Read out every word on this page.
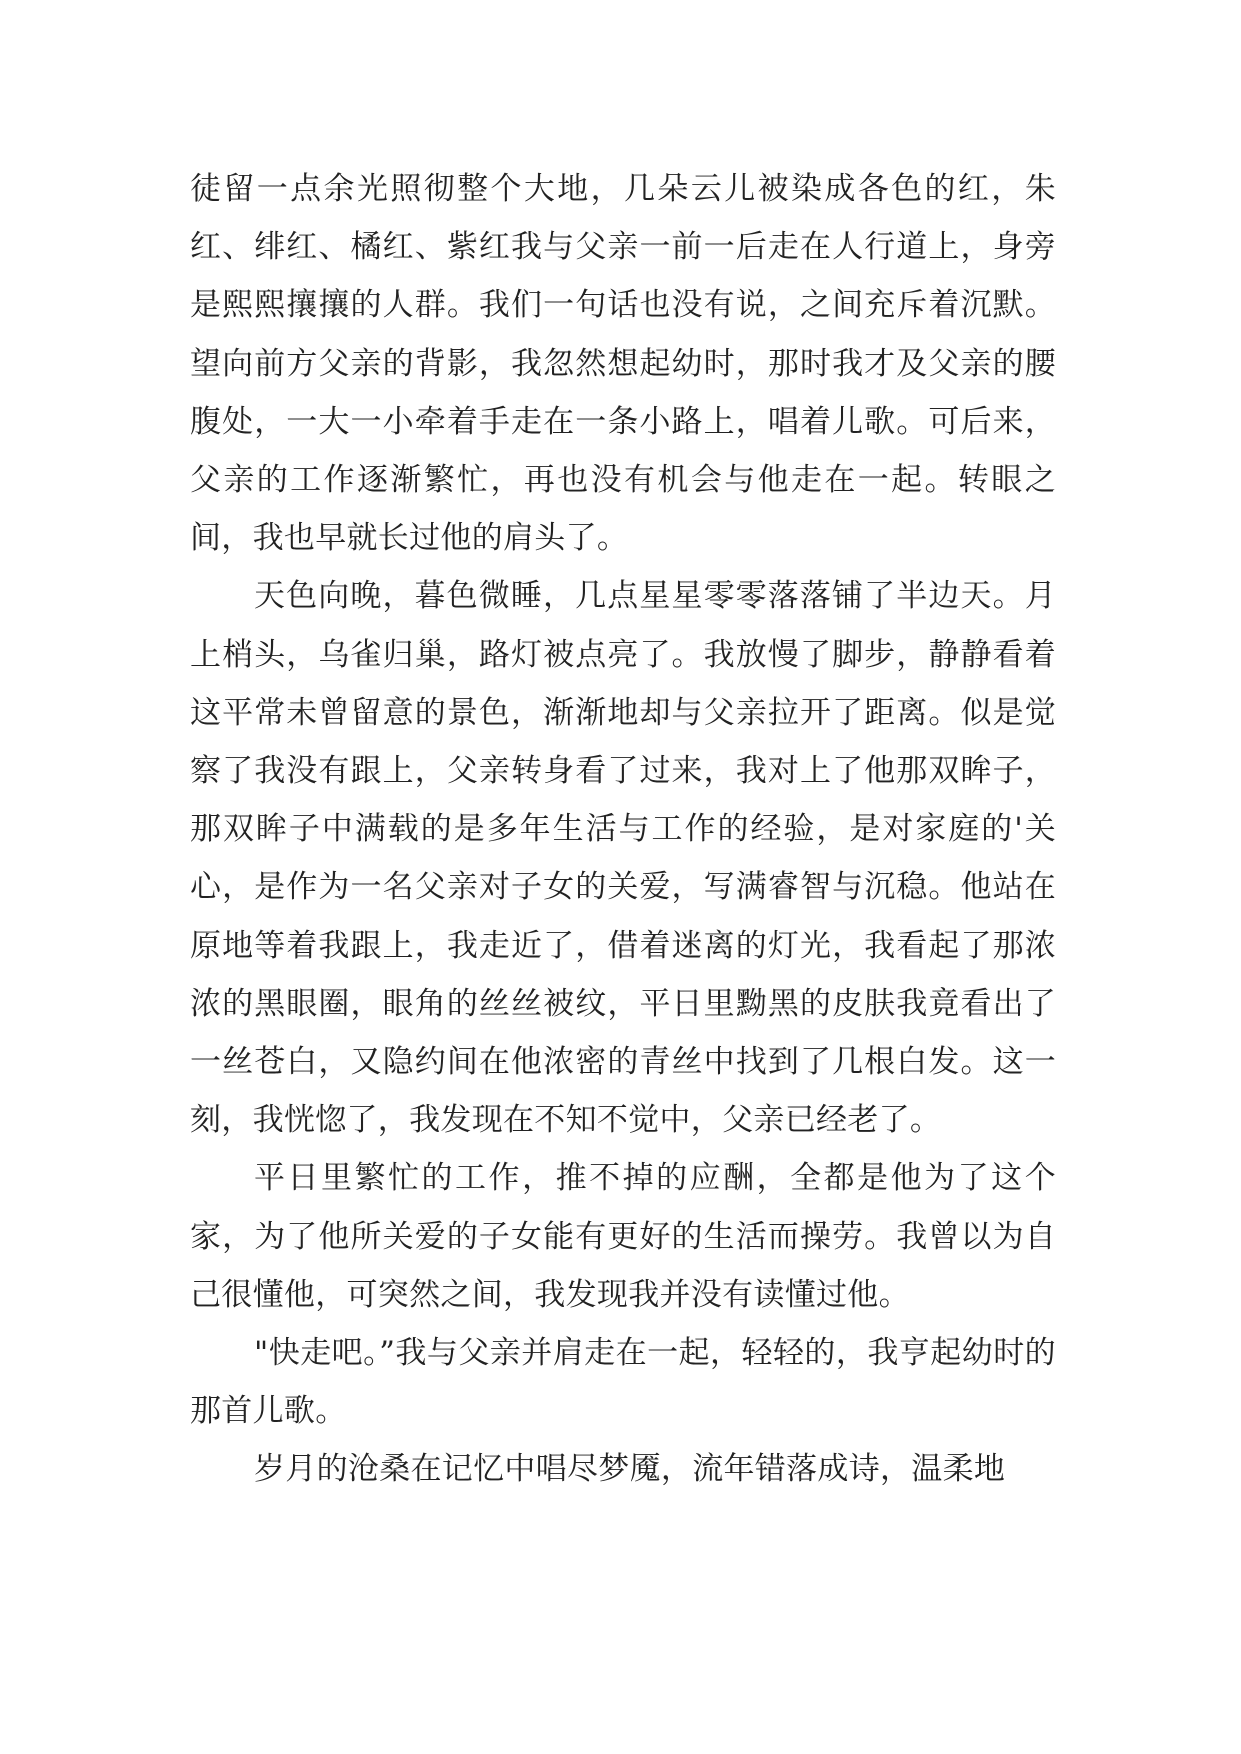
徒留一点余光照彻整个大地，几朵云儿被染成各色的红，朱红、绯红、橘红、紫红我与父亲一前一后走在人行道上，身旁是熙熙攘攘的人群。我们一句话也没有说，之间充斥着沉默。望向前方父亲的背影，我忽然想起幼时，那时我才及父亲的腰腹处，一大一小牵着手走在一条小路上，唱着儿歌。可后来，父亲的工作逐渐繁忙，再也没有机会与他走在一起。转眼之间，我也早就长过他的肩头了。

天色向晚，暮色微睡，几点星星零零落落铺了半边天。月上梢头，乌雀归巢，路灯被点亮了。我放慢了脚步，静静看着这平常未曾留意的景色，渐渐地却与父亲拉开了距离。似是觉察了我没有跟上，父亲转身看了过来，我对上了他那双眸子，那双眸子中满载的是多年生活与工作的经验，是对家庭的'关心，是作为一名父亲对子女的关爱，写满睿智与沉稳。他站在原地等着我跟上，我走近了，借着迷离的灯光，我看起了那浓浓的黑眼圈，眼角的丝丝被纹，平日里黝黑的皮肤我竟看出了一丝苍白，又隐约间在他浓密的青丝中找到了几根白发。这一刻，我恍惚了，我发现在不知不觉中，父亲已经老了。

平日里繁忙的工作，推不掉的应酬，全都是他为了这个家，为了他所关爱的子女能有更好的生活而操劳。我曾以为自己很懂他，可突然之间，我发现我并没有读懂过他。

"快走吧。”我与父亲并肩走在一起，轻轻的，我亨起幼时的那首儿歌。

岁月的沧桑在记忆中唱尽梦魇，流年错落成诗，温柔地
